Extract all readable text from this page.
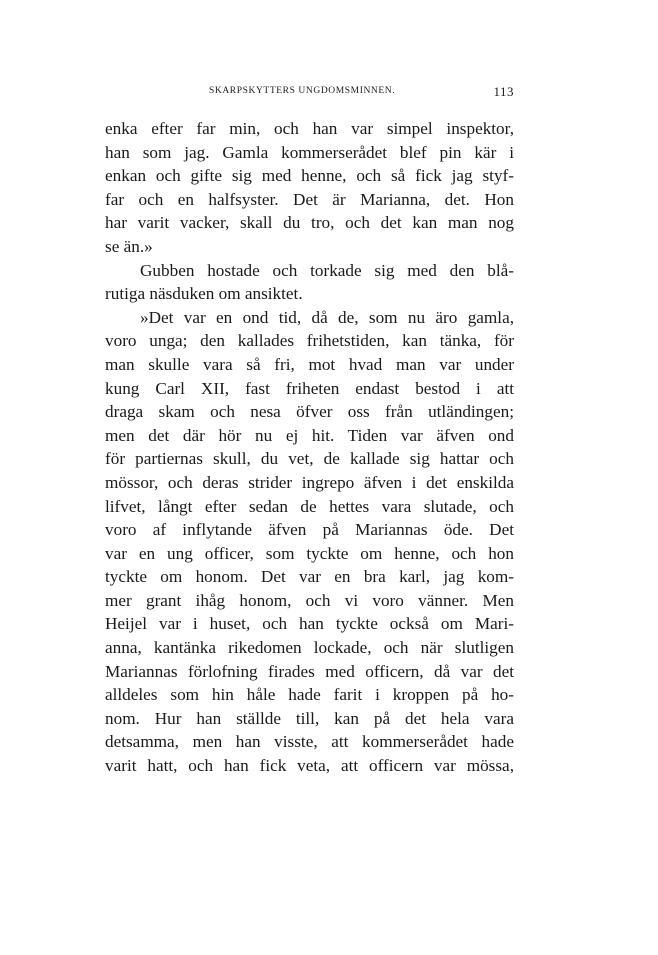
SKARPSKYTTERS UNGDOMSMINNEN.	113
enka efter far min, och han var simpel inspektor,
han som jag. Gamla kommerserådet blef pin kär i
enkan och gifte sig med henne, och så fick jag styf-
far och en halfsyster. Det är Marianna, det. Hon
har varit vacker, skall du tro, och det kan man nog
se än.»
Gubben hostade och torkade sig med den blå-
rutiga näsduken om ansiktet.
»Det var en ond tid, då de, som nu äro gamla,
voro unga; den kallades frihetstiden, kan tänka, för
man skulle vara så fri, mot hvad man var under
kung Carl XII, fast friheten endast bestod i att
draga skam och nesa öfver oss från utländingen;
men det där hör nu ej hit. Tiden var äfven ond
för partiernas skull, du vet, de kallade sig hattar och
mössor, och deras strider ingrepo äfven i det enskilda
lifvet, långt efter sedan de hettes vara slutade, och
voro af inflytande äfven på Mariannas öde. Det
var en ung officer, som tyckte om henne, och hon
tyckte om honom. Det var en bra karl, jag kom-
mer grant ihåg honom, och vi voro vänner. Men
Heijel var i huset, och han tyckte också om Mari-
anna, kantänka rikedomen lockade, och när slutligen
Mariannas förlofning firades med officern, då var det
alldeles som hin håle hade farit i kroppen på ho-
nom. Hur han ställde till, kan på det hela vara
detsamma, men han visste, att kommerserådet hade
varit hatt, och han fick veta, att officern var mössa,
